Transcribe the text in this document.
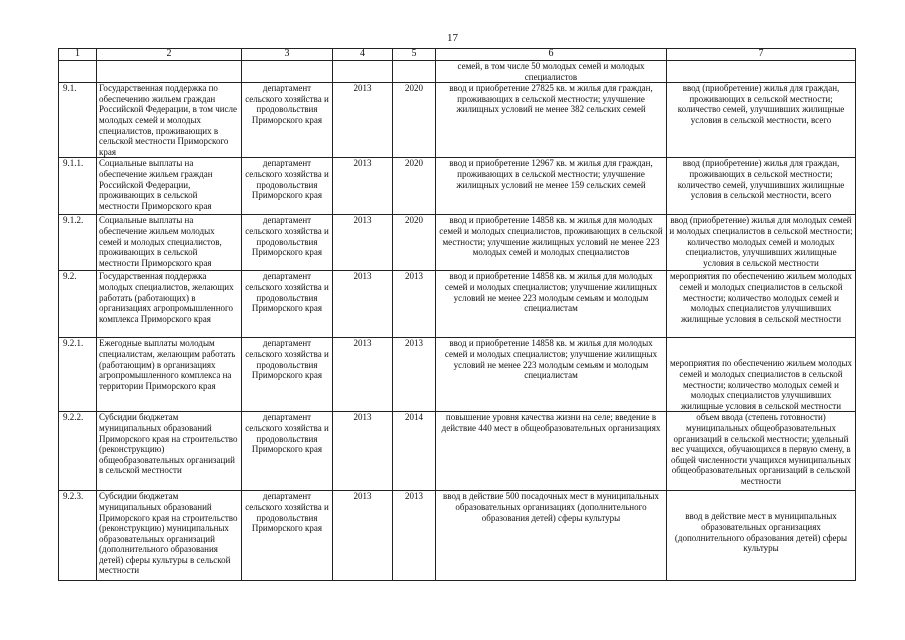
17
1	2	3	4	5	6	7
					семей, в том числе 50 молодых семей и молодых специалистов	
9.1.	Государственная поддержка по обеспечению жильем граждан Российской Федерации, в том числе молодых семей и молодых специалистов, проживающих в сельской местности Приморского края	департамент сельского хозяйства и продовольствия Приморского края	2013	2020	ввод и приобретение 27825 кв. м жилья для граждан, проживающих в сельской местности; улучшение жилищных условий не менее 382 сельских семей	ввод (приобретение) жилья для граждан, проживающих в сельской местности; количество семей, улучшивших жилищные условия в сельской местности, всего
9.1.1.	Социальные выплаты на обеспечение жильем граждан Российской Федерации, проживающих в сельской местности Приморского края	департамент сельского хозяйства и продовольствия Приморского края	2013	2020	ввод и приобретение 12967 кв. м жилья для граждан, проживающих в сельской местности; улучшение жилищных условий не менее 159 сельских семей	ввод (приобретение) жилья для граждан, проживающих в сельской местности; количество семей, улучшивших жилищные условия в сельской местности, всего
9.1.2.	Социальные выплаты на обеспечение жильем молодых семей и молодых специалистов, проживающих в сельской местности Приморского края	департамент сельского хозяйства и продовольствия Приморского края	2013	2020	ввод и приобретение 14858 кв. м жилья для молодых семей и молодых специалистов, проживающих в сельской местности; улучшение жилищных условий не менее 223 молодых семей и молодых специалистов	ввод (приобретение) жилья для молодых семей и молодых специалистов в сельской местности; количество молодых семей и молодых специалистов, улучшивших жилищные условия в сельской местности
9.2.	Государственная поддержка молодых специалистов, желающих работать (работающих) в организациях агропромышленного комплекса Приморского края	департамент сельского хозяйства и продовольствия Приморского края	2013	2013	ввод и приобретение 14858 кв. м жилья для молодых семей и молодых специалистов; улучшение жилищных условий не менее 223 молодым семьям и молодым специалистам	мероприятия по обеспечению жильем молодых семей и молодых специалистов в сельской местности; количество молодых семей и молодых специалистов улучшивших жилищные условия в сельской местности
9.2.1.	Ежегодные выплаты молодым специалистам, желающим работать (работающим) в организациях агропромышленного комплекса на территории Приморского края	департамент сельского хозяйства и продовольствия Приморского края	2013	2013	ввод и приобретение 14858 кв. м жилья для молодых семей и молодых специалистов; улучшение жилищных условий не менее 223 молодым семьям и молодым специалистам	мероприятия по обеспечению жильем молодых семей и молодых специалистов в сельской местности; количество молодых семей и молодых специалистов улучшивших жилищные условия в сельской местности
9.2.2.	Субсидии бюджетам муниципальных образований Приморского края на строительство (реконструкцию) общеобразовательных организаций в сельской местности	департамент сельского хозяйства и продовольствия Приморского края	2013	2014	повышение уровня качества жизни на селе; введение в действие 440 мест в общеобразовательных организациях	объем ввода (степень готовности) муниципальных общеобразовательных организаций в сельской местности; удельный вес учащихся, обучающихся в первую смену, в общей численности учащихся муниципальных общеобразовательных организаций в сельской местности
9.2.3.	Субсидии бюджетам муниципальных образований Приморского края на строительство (реконструкцию) муниципальных образовательных организаций (дополнительного образования детей) сферы культуры в сельской местности	департамент сельского хозяйства и продовольствия Приморского края	2013	2013	ввод в действие 500 посадочных мест в муниципальных образовательных организациях (дополнительного образования детей) сферы культуры	ввод в действие мест в муниципальных образовательных организациях (дополнительного образования детей) сферы культуры
